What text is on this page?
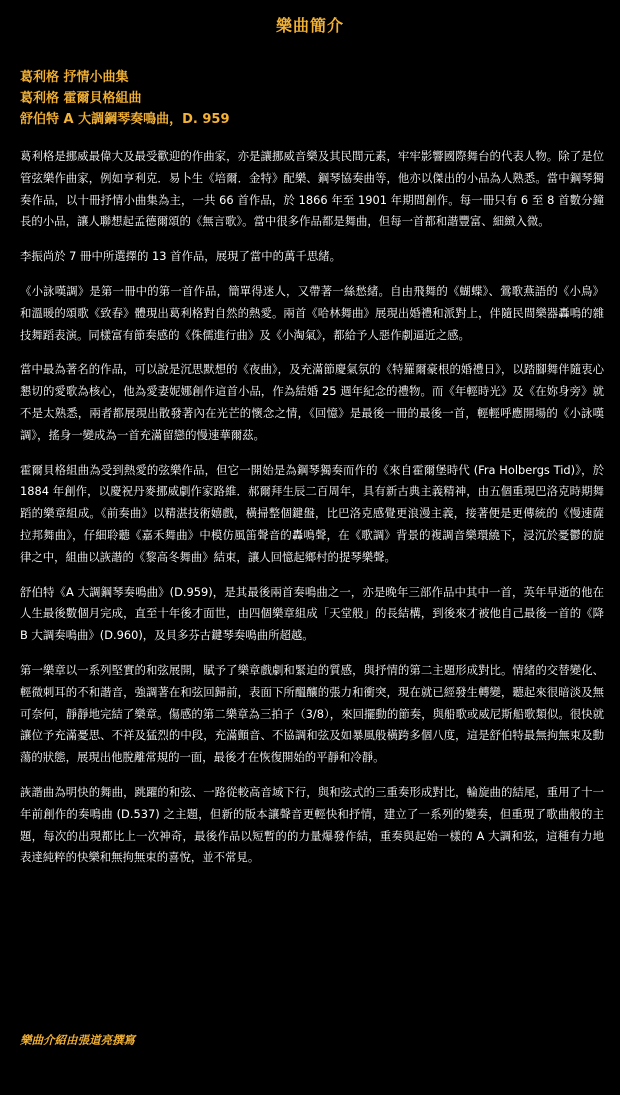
樂曲簡介
葛利格 抒情小曲集
葛利格 霍爾貝格組曲
舒伯特 A 大調鋼琴奏鳴曲，D. 959

葛利格是挪威最偉大及最受歡迎的作曲家，亦是讓挪威音樂及其民間元素，牢牢影響國際舞台的代表人物。除了是位管弦樂作曲家，例如亨利克．易卜生《培爾．金特》配樂、鋼琴協奏曲等，他亦以傑出的小品為人熟悉。當中鋼琴獨奏作品，以十冊抒情小曲集為主，一共 66 首作品，於 1866 年至 1901 年期間創作。每一冊只有 6 至 8 首數分鐘長的小品，讓人聯想起孟德爾頌的《無言歌》。當中很多作品都是舞曲，但每一首都和諧豐富、細緻入微。

李振尚於 7 冊中所選擇的 13 首作品，展現了當中的萬千思緒。

《小詠嘆調》是第一冊中的第一首作品，簡單得迷人，又帶著一絲愁緒。自由飛舞的《蝴蝶》、鶯歌燕語的《小鳥》和溫暖的頌歌《致春》體現出葛利格對自然的熱愛。兩首《哈林舞曲》展現出婚禮和派對上，伴隨民間樂器轟鳴的雜技舞蹈表演。同樣富有節奏感的《侏儒進行曲》及《小淘氣》，都給予人惡作劇逼近之感。

當中最為著名的作品，可以說是沉思默想的《夜曲》，及充滿節慶氣氛的《特羅爾豪根的婚禮日》，以踏腳舞伴隨衷心懇切的愛歌為核心，他為愛妻妮娜創作這首小品，作為結婚 25 週年紀念的禮物。而《年輕時光》及《在妳身旁》就不是太熟悉，兩者都展現出散發著內在光芒的懷念之情，《回憶》是最後一冊的最後一首，輕輕呼應開場的《小詠嘆調》，搖身一變成為一首充滿留戀的慢速華爾茲。

霍爾貝格組曲為受到熱愛的弦樂作品，但它一開始是為鋼琴獨奏而作的《來自霍爾堡時代 (Fra Holbergs Tid)》，於 1884 年創作，以慶祝丹麥挪威劇作家路維．郝爾拜生辰二百周年，具有新古典主義精神，由五個重現巴洛克時期舞蹈的樂章組成。《前奏曲》以精湛技術嬉戲，橫掃整個鍵盤，比巴洛克感覺更浪漫主義，接著便是更傳統的《慢速薩拉邦舞曲》，仔細聆聽《嘉禾舞曲》中模仿風笛聲音的轟鳴聲，在《歌調》背景的複調音樂環繞下，浸沉於憂鬱的旋律之中，組曲以詼諧的《黎高冬舞曲》結束，讓人回憶起鄉村的提琴樂聲。

舒伯特《A 大調鋼琴奏鳴曲》(D.959)，是其最後兩首奏鳴曲之一，亦是晚年三部作品中其中一首，英年早逝的他在人生最後數個月完成，直至十年後才面世，由四個樂章組成「天堂般」的長結構，到後來才被他自己最後一首的《降 B 大調奏鳴曲》(D.960)，及貝多芬古鍵琴奏鳴曲所超越。

第一樂章以一系列堅實的和弦展開，賦予了樂章戲劇和緊迫的質感，與抒情的第二主題形成對比。情緒的交替變化、輕微刺耳的不和諧音，強調著在和弦回歸前，表面下所醞釀的張力和衝突，現在就已經發生轉變，聽起來很暗淡及無可奈何，靜靜地完結了樂章。傷感的第二樂章為三拍子（3/8），來回擺動的節奏，與船歌或威尼斯船歌類似。很快就讓位予充滿憂思、不祥及猛烈的中段，充滿顫音、不協調和弦及如暴風般橫跨多個八度，這是舒伯特最無拘無束及動蕩的狀態，展現出他脫離常規的一面，最後才在恢復開始的平靜和冷靜。

詼諧曲為明快的舞曲，跳躍的和弦、一路從較高音域下行，與和弦式的三重奏形成對比，輪旋曲的結尾，重用了十一年前創作的奏鳴曲 (D.537) 之主題，但新的版本讓聲音更輕快和抒情，建立了一系列的變奏，但重現了歌曲般的主題，每次的出現都比上一次神奇，最後作品以短暫的的力量爆發作結，重奏與起始一樣的 A 大調和弦，這種有力地表達純粹的快樂和無拘無束的喜悅，並不常見。

樂曲介紹由張道亮撰寫
